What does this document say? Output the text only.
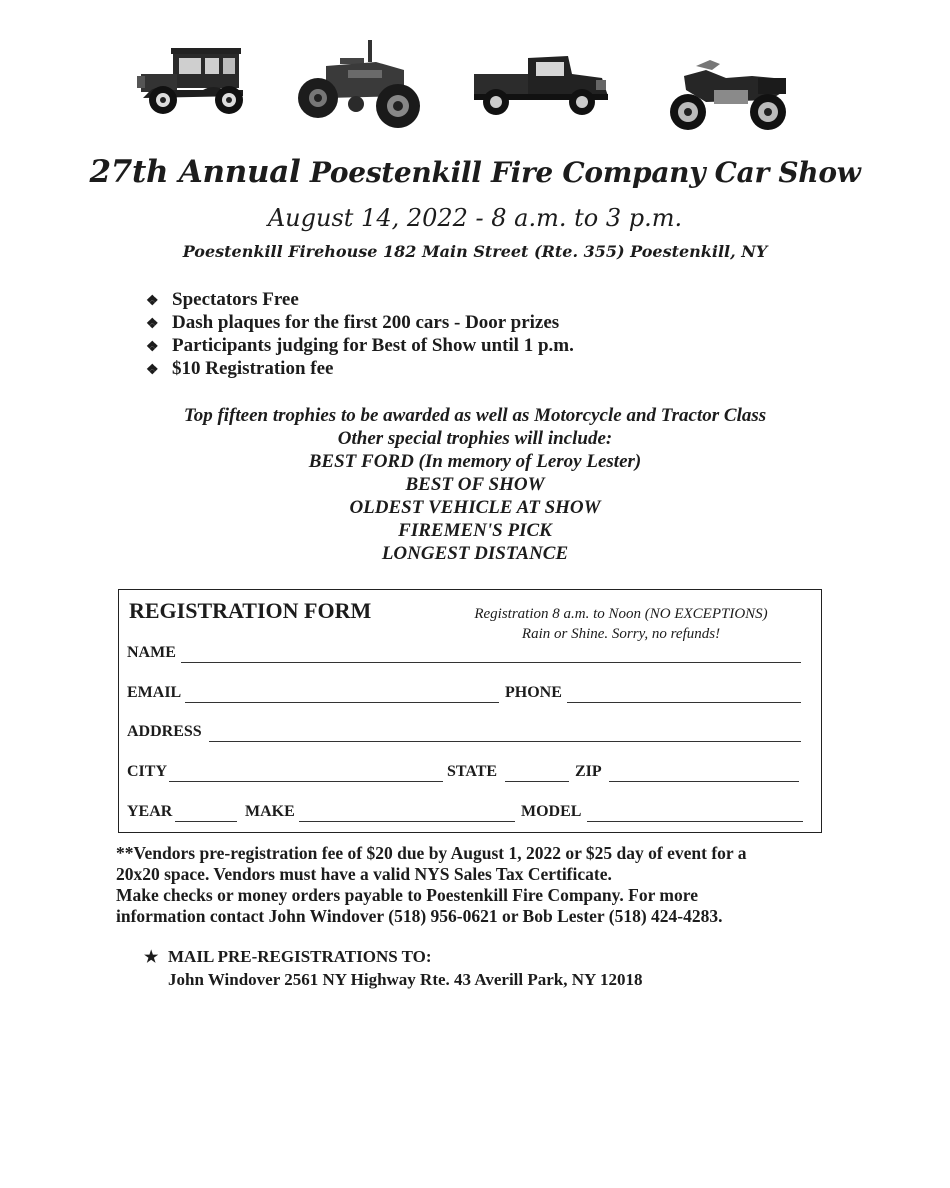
27th Annual Poestenkill Fire Company Car Show
August 14, 2022 - 8 a.m. to 3 p.m.
Poestenkill Firehouse 182 Main Street (Rte. 355) Poestenkill, NY
❖ Spectators Free
❖ Dash plaques for the first 200 cars - Door prizes
❖ Participants judging for Best of Show until 1 p.m.
❖ $10 Registration fee
Top fifteen trophies to be awarded as well as Motorcycle and Tractor Class
Other special trophies will include:
BEST FORD (In memory of Leroy Lester)
BEST OF SHOW
OLDEST VEHICLE AT SHOW
FIREMEN'S PICK
LONGEST DISTANCE
REGISTRATION FORM	Registration 8 a.m. to Noon (NO EXCEPTIONS)
Rain or Shine. Sorry, no refunds!
NAME
EMAIL	PHONE
ADDRESS
CITY	STATE	ZIP
YEAR	MAKE	MODEL
**Vendors pre-registration fee of $20 due by August 1, 2022 or $25 day of event for a
20x20 space. Vendors must have a valid NYS Sales Tax Certificate.
Make checks or money orders payable to Poestenkill Fire Company. For more
information contact John Windover (518) 956-0621 or Bob Lester (518) 424-4283.
★ MAIL PRE-REGISTRATIONS TO:
John Windover 2561 NY Highway Rte. 43 Averill Park, NY 12018
